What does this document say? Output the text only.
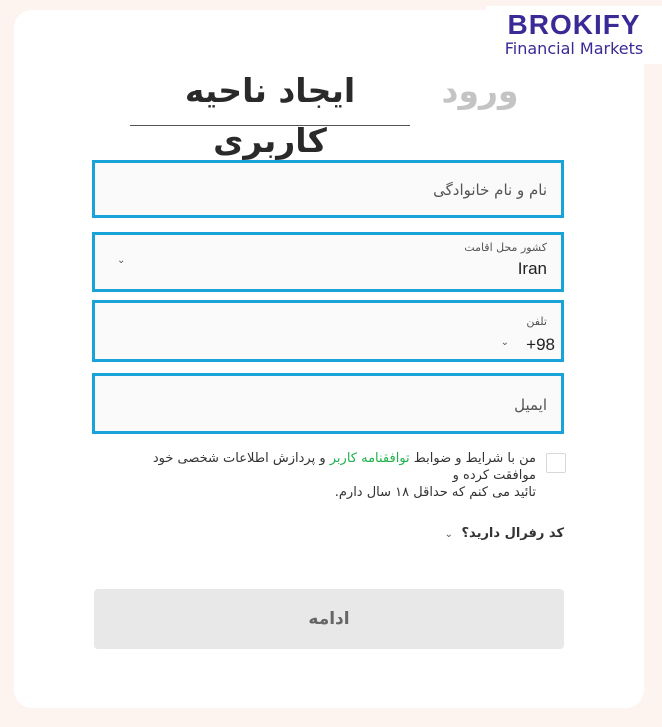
BROKIFY
Financial Markets
ایجاد ناحیه کاربری
ورود
نام و نام خانوادگی
کشور محل اقامت
Iran
⌄
تلفن
+98
⌄
ایمیل
من با شرایط و ضوابط توافقنامه کاربر و پردازش اطلاعات شخصی خود موافقت کرده و
تائید می کنم که حداقل ۱۸ سال دارم.
کد رفرال دارید؟ ⌄
ادامه
